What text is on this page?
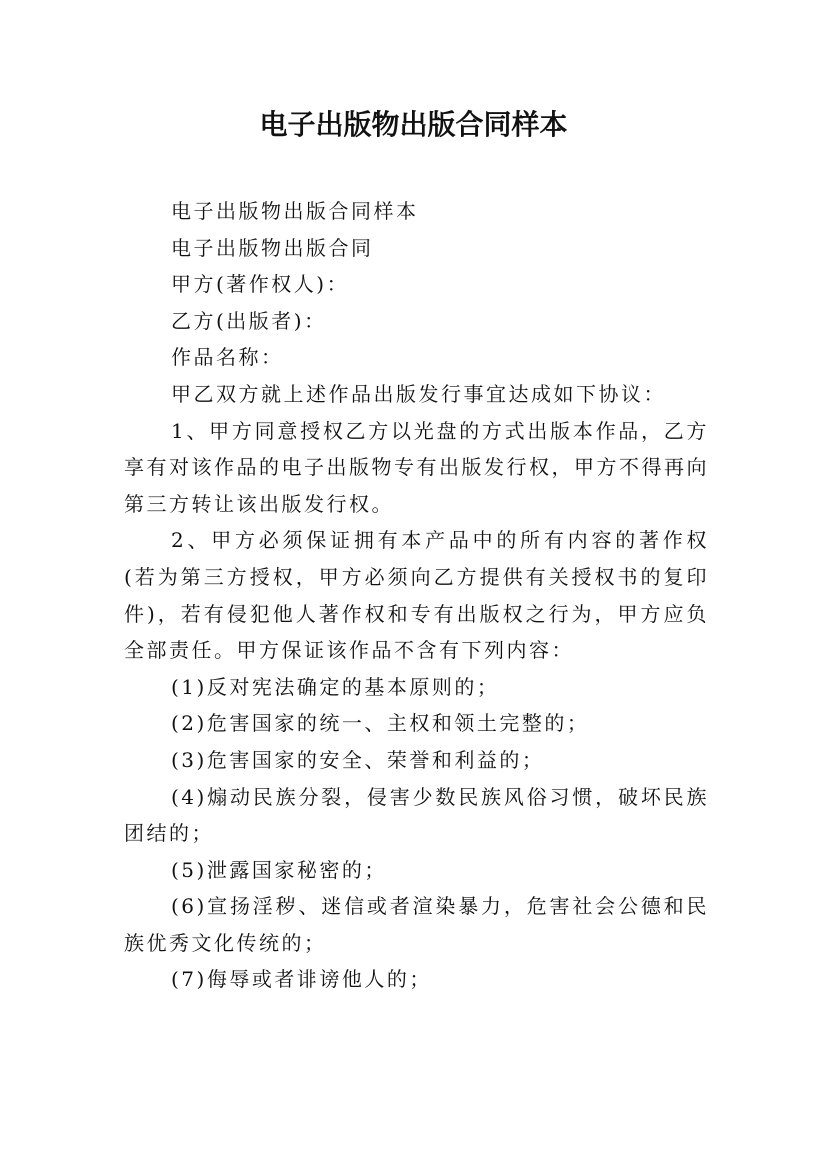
电子出版物出版合同样本

电子出版物出版合同样本

电子出版物出版合同

甲方(著作权人)：

乙方(出版者)：

作品名称：

甲乙双方就上述作品出版发行事宜达成如下协议：

1、甲方同意授权乙方以光盘的方式出版本作品，乙方享有对该作品的电子出版物专有出版发行权，甲方不得再向第三方转让该出版发行权。

2、甲方必须保证拥有本产品中的所有内容的著作权(若为第三方授权，甲方必须向乙方提供有关授权书的复印件)，若有侵犯他人著作权和专有出版权之行为，甲方应负全部责任。甲方保证该作品不含有下列内容：

(1)反对宪法确定的基本原则的；

(2)危害国家的统一、主权和领土完整的；

(3)危害国家的安全、荣誉和利益的；

(4)煽动民族分裂，侵害少数民族风俗习惯，破坏民族团结的；

(5)泄露国家秘密的；

(6)宣扬淫秽、迷信或者渲染暴力，危害社会公德和民族优秀文化传统的；

(7)侮辱或者诽谤他人的；
